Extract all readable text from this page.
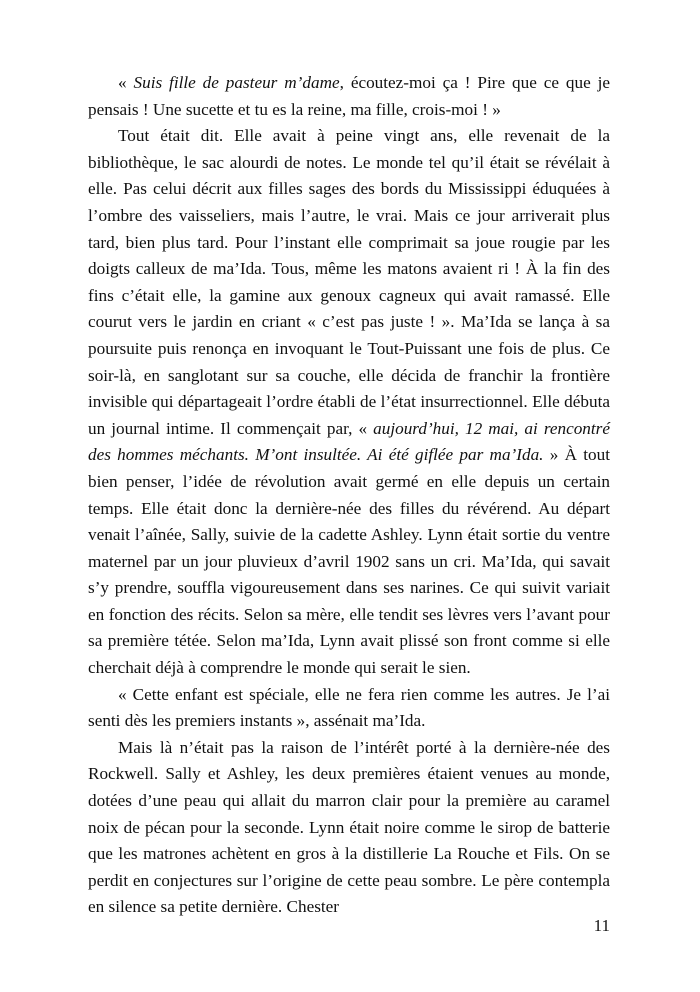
« Suis fille de pasteur m’dame, écoutez-moi ça ! Pire que ce que je pensais ! Une sucette et tu es la reine, ma fille, crois-moi ! »

Tout était dit. Elle avait à peine vingt ans, elle revenait de la bibliothèque, le sac alourdi de notes. Le monde tel qu’il était se révélait à elle. Pas celui décrit aux filles sages des bords du Mississippi éduquées à l’ombre des vaisseliers, mais l’autre, le vrai. Mais ce jour arriverait plus tard, bien plus tard. Pour l’instant elle comprimait sa joue rougie par les doigts calleux de ma’Ida. Tous, même les matons avaient ri ! À la fin des fins c’était elle, la gamine aux genoux cagneux qui avait ramassé. Elle courut vers le jardin en criant « c’est pas juste ! ». Ma’Ida se lança à sa poursuite puis renonça en invoquant le Tout-Puissant une fois de plus. Ce soir-là, en sanglotant sur sa couche, elle décida de franchir la frontière invisible qui départageait l’ordre établi de l’état insurrectionnel. Elle débuta un journal intime. Il commençait par, « aujourd’hui, 12 mai, ai rencontré des hommes méchants. M’ont insultée. Ai été giflée par ma’Ida. » À tout bien penser, l’idée de révolution avait germé en elle depuis un certain temps. Elle était donc la dernière-née des filles du révérend. Au départ venait l’aînée, Sally, suivie de la cadette Ashley. Lynn était sortie du ventre maternel par un jour pluvieux d’avril 1902 sans un cri. Ma’Ida, qui savait s’y prendre, souffla vigoureusement dans ses narines. Ce qui suivit variait en fonction des récits. Selon sa mère, elle tendit ses lèvres vers l’avant pour sa première tétée. Selon ma’Ida, Lynn avait plissé son front comme si elle cherchait déjà à comprendre le monde qui serait le sien.

« Cette enfant est spéciale, elle ne fera rien comme les autres. Je l’ai senti dès les premiers instants », assénait ma’Ida.

Mais là n’était pas la raison de l’intérêt porté à la dernière-née des Rockwell. Sally et Ashley, les deux premières étaient venues au monde, dotées d’une peau qui allait du marron clair pour la première au caramel noix de pécan pour la seconde. Lynn était noire comme le sirop de batterie que les matrones achètent en gros à la distillerie La Rouche et Fils. On se perdit en conjectures sur l’origine de cette peau sombre. Le père contempla en silence sa petite dernière. Chester

11
